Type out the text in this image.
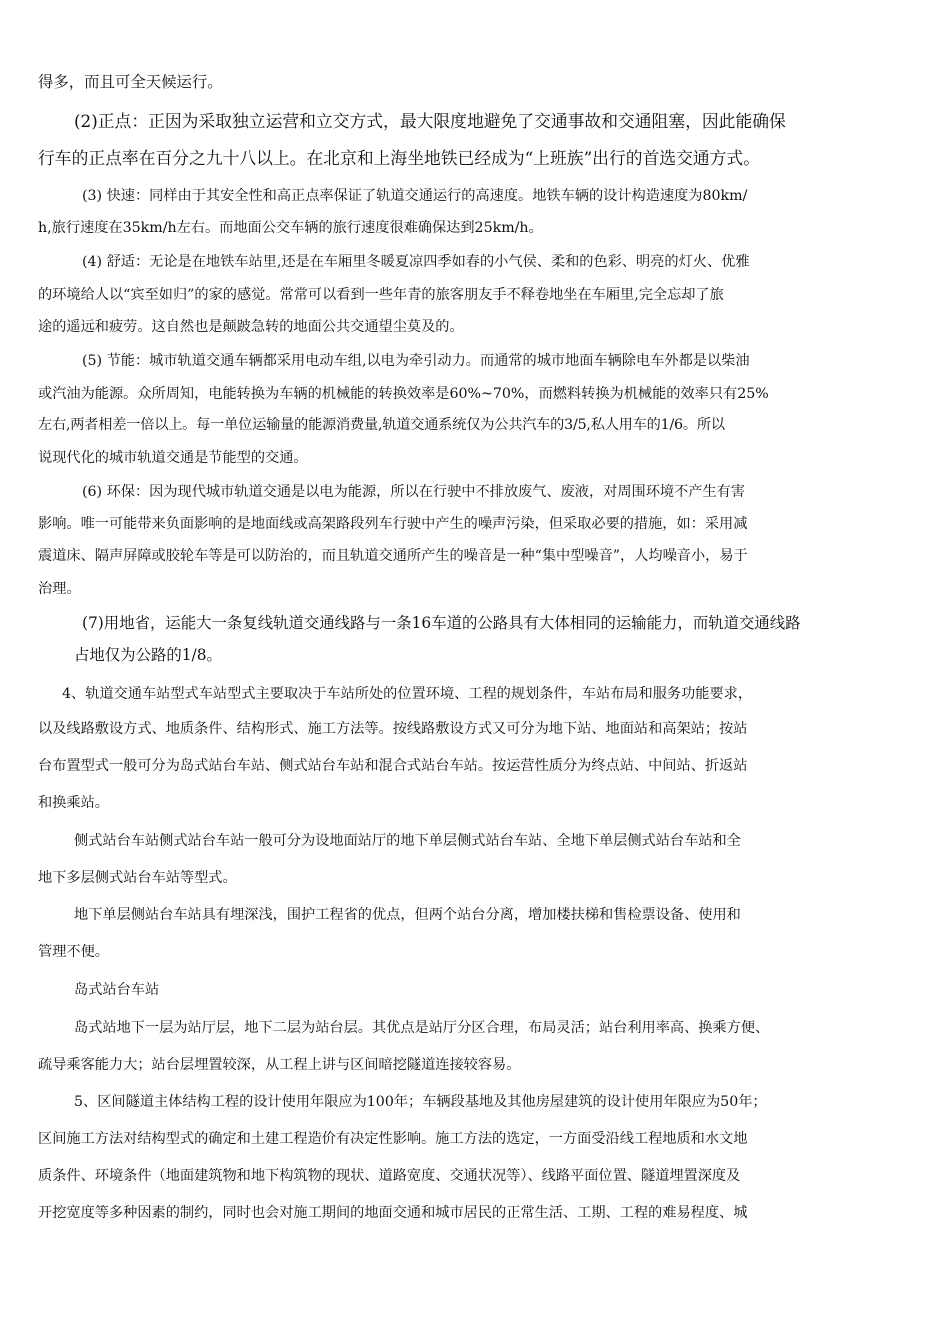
得多，而且可全天候运行。

(2)正点：正因为采取独立运营和立交方式，最大限度地避免了交通事故和交通阻塞，因此能确保

行车的正点率在百分之九十八以上。在北京和上海坐地铁已经成为“上班族”出行的首选交通方式。

(3) 快速：同样由于其安全性和高正点率保证了轨道交通运行的高速度。地铁车辆的设计构造速度为80km/

h,旅行速度在35km/h左右。而地面公交车辆的旅行速度很难确保达到25km/h。

(4) 舒适：无论是在地铁车站里,还是在车厢里冬暖夏凉四季如春的小气侯、柔和的色彩、明亮的灯火、优雅

的环境给人以“宾至如归”的家的感觉。常常可以看到一些年青的旅客朋友手不释卷地坐在车厢里,完全忘却了旅

途的遥远和疲劳。这自然也是颠跛急转的地面公共交通望尘莫及的。

(5) 节能：城市轨道交通车辆都采用电动车组,以电为牵引动力。而通常的城市地面车辆除电车外都是以柴油

或汽油为能源。众所周知，电能转换为车辆的机械能的转换效率是60%~70%，而燃料转换为机械能的效率只有25%

左右,两者相差一倍以上。每一单位运输量的能源消费量,轨道交通系统仅为公共汽车的3/5,私人用车的1/6。所以

说现代化的城市轨道交通是节能型的交通。

(6) 环保：因为现代城市轨道交通是以电为能源，所以在行驶中不排放废气、废液，对周围环境不产生有害

影响。唯一可能带来负面影响的是地面线或高架路段列车行驶中产生的噪声污染，但采取必要的措施，如：采用减

震道床、隔声屏障或胶轮车等是可以防治的，而且轨道交通所产生的噪音是一种“集中型噪音”，人均噪音小，易于

治理。

(7)用地省，运能大一条复线轨道交通线路与一条16车道的公路具有大体相同的运输能力，而轨道交通线路

占地仅为公路的1/8。

4、轨道交通车站型式车站型式主要取决于车站所处的位置环境、工程的规划条件，车站布局和服务功能要求，

以及线路敷设方式、地质条件、结构形式、施工方法等。按线路敷设方式又可分为地下站、地面站和高架站；按站

台布置型式一般可分为岛式站台车站、侧式站台车站和混合式站台车站。按运营性质分为终点站、中间站、折返站

和换乘站。

侧式站台车站侧式站台车站一般可分为设地面站厅的地下单层侧式站台车站、全地下单层侧式站台车站和全

地下多层侧式站台车站等型式。

地下单层侧站台车站具有埋深浅，围护工程省的优点，但两个站台分离，增加楼扶梯和售检票设备、使用和

管理不便。

岛式站台车站

岛式站地下一层为站厅层，地下二层为站台层。其优点是站厅分区合理，布局灵活；站台利用率高、换乘方便、

疏导乘客能力大；站台层埋置较深，从工程上讲与区间暗挖隧道连接较容易。

5、区间隧道主体结构工程的设计使用年限应为100年；车辆段基地及其他房屋建筑的设计使用年限应为50年；

区间施工方法对结构型式的确定和土建工程造价有决定性影响。施工方法的选定，一方面受沿线工程地质和水文地

质条件、环境条件（地面建筑物和地下构筑物的现状、道路宽度、交通状况等）、线路平面位置、隧道埋置深度及

开挖宽度等多种因素的制约，同时也会对施工期间的地面交通和城市居民的正常生活、工期、工程的难易程度、城
